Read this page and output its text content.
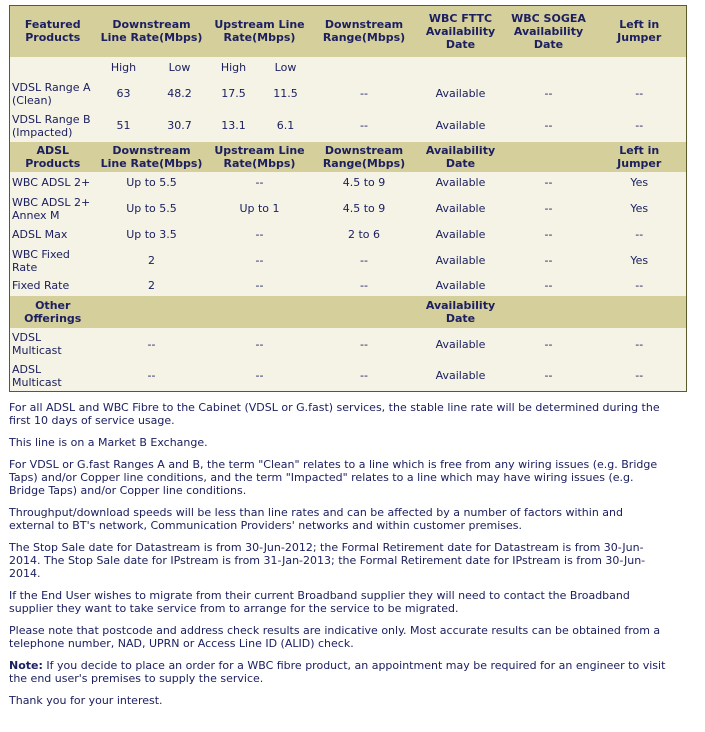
Featured Products	Downstream Line Rate(Mbps)		Upstream Line Rate(Mbps)		Downstream Range(Mbps)	WBC FTTC Availability Date	WBC SOGEA Availability Date	Left in Jumper
	High	Low	High	Low				
VDSL Range A (Clean)	63	48.2	17.5	11.5	--	Available	--	--
VDSL Range B (Impacted)	51	30.7	13.1	6.1	--	Available	--	--
ADSL Products	Downstream Line Rate(Mbps)		Upstream Line Rate(Mbps)		Downstream Range(Mbps)	Availability Date		Left in Jumper
WBC ADSL 2+	Up to 5.5		--		4.5 to 9	Available	--	Yes
WBC ADSL 2+ Annex M	Up to 5.5		Up to 1		4.5 to 9	Available	--	Yes
ADSL Max	Up to 3.5		--		2 to 6	Available	--	--
WBC Fixed Rate	2		--		--	Available	--	Yes
Fixed Rate	2		--		--	Available	--	--
Other Offerings						Availability Date		
VDSL Multicast	--		--		--	Available	--	--
ADSL Multicast	--		--		--	Available	--	--

For all ADSL and WBC Fibre to the Cabinet (VDSL or G.fast) services, the stable line rate will be determined during the first 10 days of service usage.

This line is on a Market B Exchange.

For VDSL or G.fast Ranges A and B, the term "Clean" relates to a line which is free from any wiring issues (e.g. Bridge Taps) and/or Copper line conditions, and the term "Impacted" relates to a line which may have wiring issues (e.g. Bridge Taps) and/or Copper line conditions.

Throughput/download speeds will be less than line rates and can be affected by a number of factors within and external to BT's network, Communication Providers' networks and within customer premises.

The Stop Sale date for Datastream is from 30-Jun-2012; the Formal Retirement date for Datastream is from 30-Jun-2014. The Stop Sale date for IPstream is from 31-Jan-2013; the Formal Retirement date for IPstream is from 30-Jun-2014.

If the End User wishes to migrate from their current Broadband supplier they will need to contact the Broadband supplier they want to take service from to arrange for the service to be migrated.

Please note that postcode and address check results are indicative only. Most accurate results can be obtained from a telephone number, NAD, UPRN or Access Line ID (ALID) check.

Note: If you decide to place an order for a WBC fibre product, an appointment may be required for an engineer to visit the end user's premises to supply the service.

Thank you for your interest.
